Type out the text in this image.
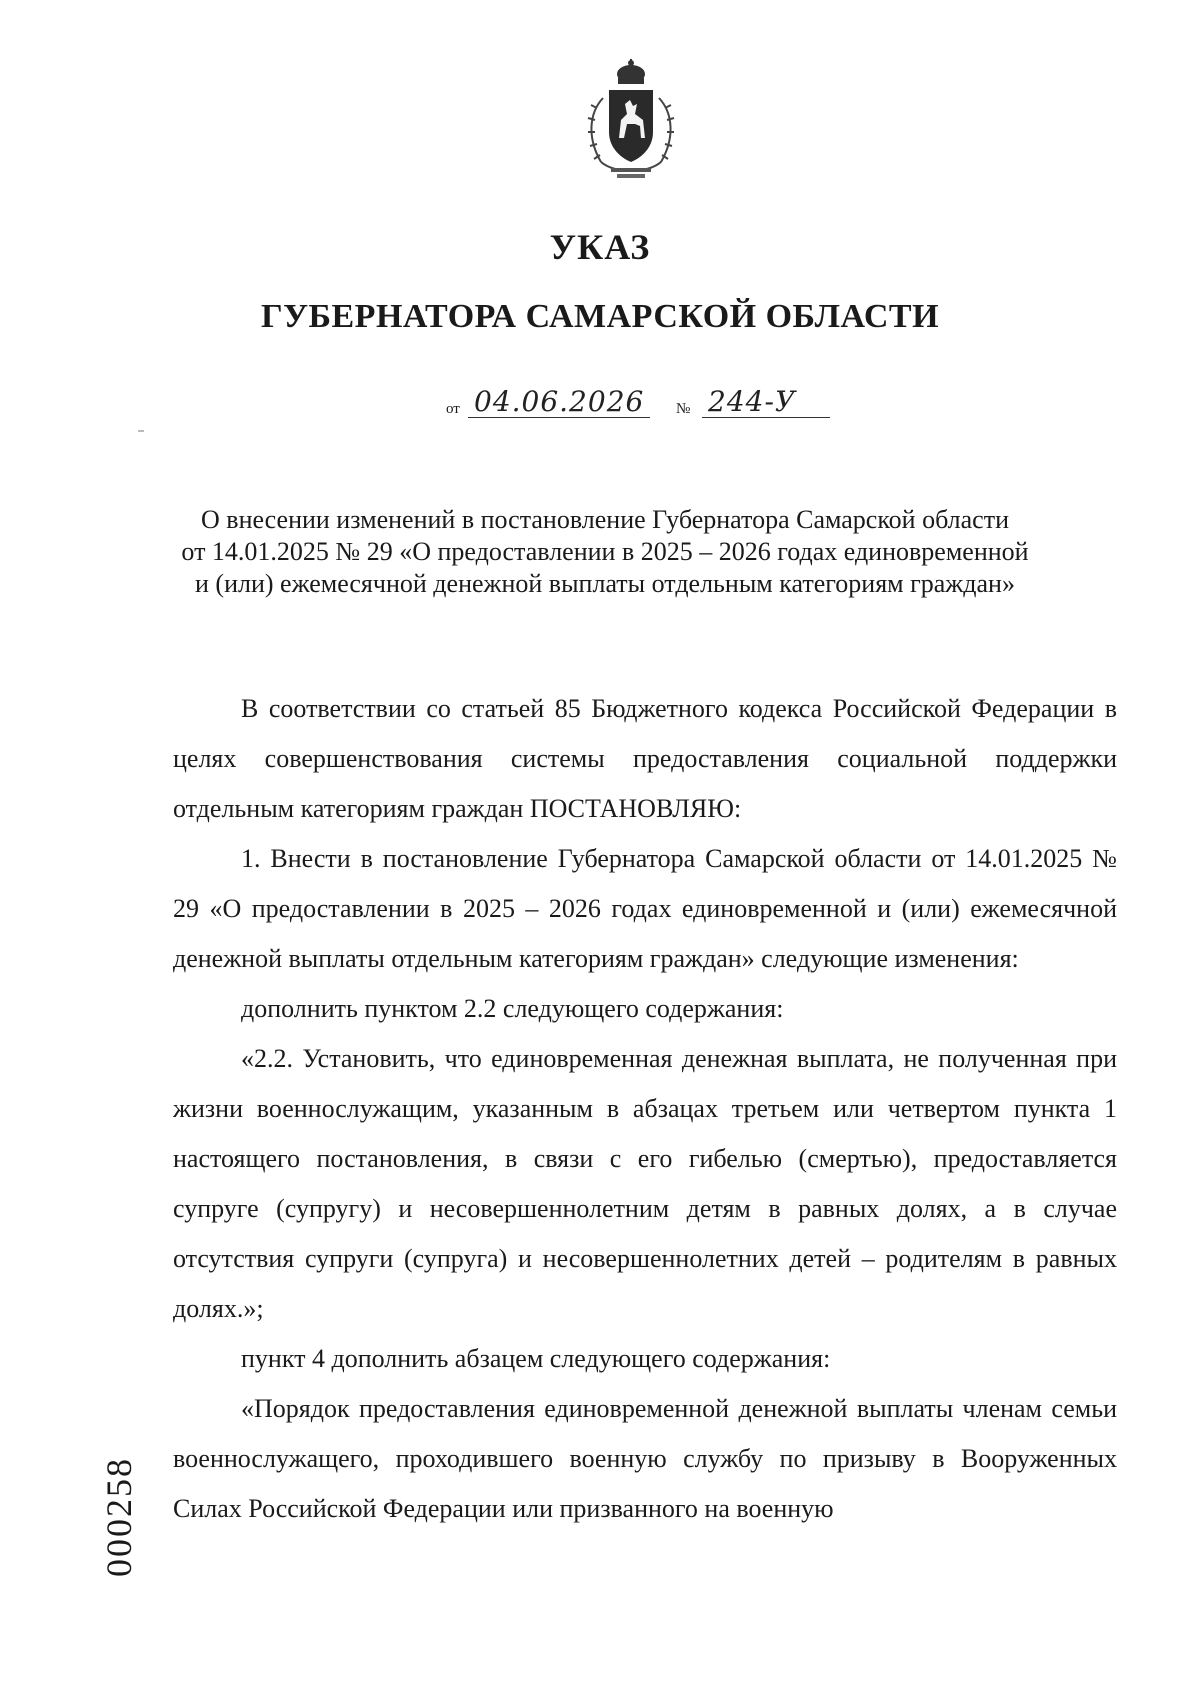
УКАЗ
ГУБЕРНАТОРА САМАРСКОЙ ОБЛАСТИ
от 04.06.2026 № 244-У
О внесении изменений в постановление Губернатора Самарской области
от 14.01.2025 № 29 «О предоставлении в 2025 – 2026 годах единовременной
и (или) ежемесячной денежной выплаты отдельным категориям граждан»

В соответствии со статьей 85 Бюджетного кодекса Российской Федерации в целях совершенствования системы предоставления социальной поддержки отдельным категориям граждан ПОСТАНОВЛЯЮ:

1. Внести в постановление Губернатора Самарской области от 14.01.2025 № 29 «О предоставлении в 2025 – 2026 годах единовременной и (или) ежемесячной денежной выплаты отдельным категориям граждан» следующие изменения:

дополнить пунктом 2.2 следующего содержания:

«2.2. Установить, что единовременная денежная выплата, не полученная при жизни военнослужащим, указанным в абзацах третьем или четвертом пункта 1 настоящего постановления, в связи с его гибелью (смертью), предоставляется супруге (супругу) и несовершеннолетним детям в равных долях, а в случае отсутствия супруги (супруга) и несовершеннолетних детей – родителям в равных долях.»;

пункт 4 дополнить абзацем следующего содержания:

«Порядок предоставления единовременной денежной выплаты членам семьи военнослужащего, проходившего военную службу по призыву в Вооруженных Силах Российской Федерации или призванного на военную

000258
